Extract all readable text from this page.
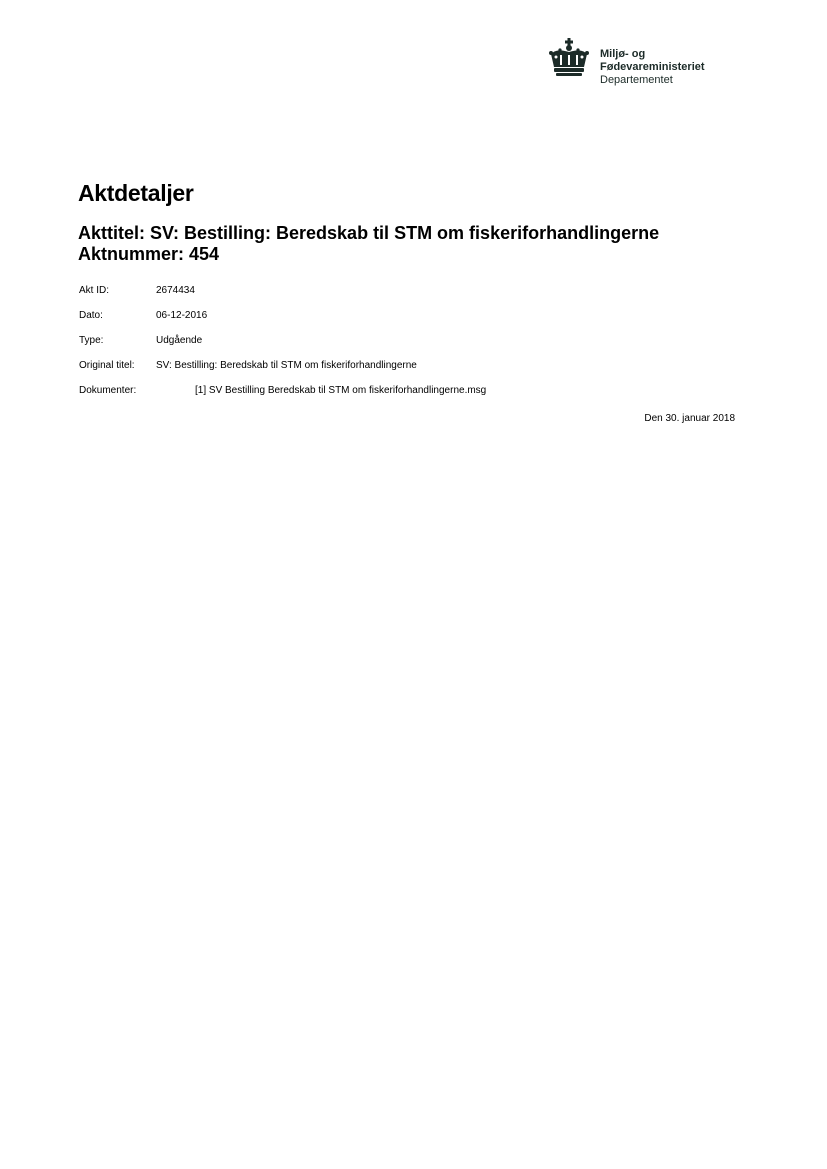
Miljø- og
Fødevareministeriet
Departementet
Aktdetaljer
Akttitel: SV: Bestilling: Beredskab til STM om fiskeriforhandlingerne
Aktnummer: 454
Akt ID:	2674434
Dato:	06-12-2016
Type:	Udgående
Original titel: SV: Bestilling: Beredskab til STM om fiskeriforhandlingerne
Dokumenter:	[1] SV Bestilling Beredskab til STM om fiskeriforhandlingerne.msg
Den 30. januar 2018
